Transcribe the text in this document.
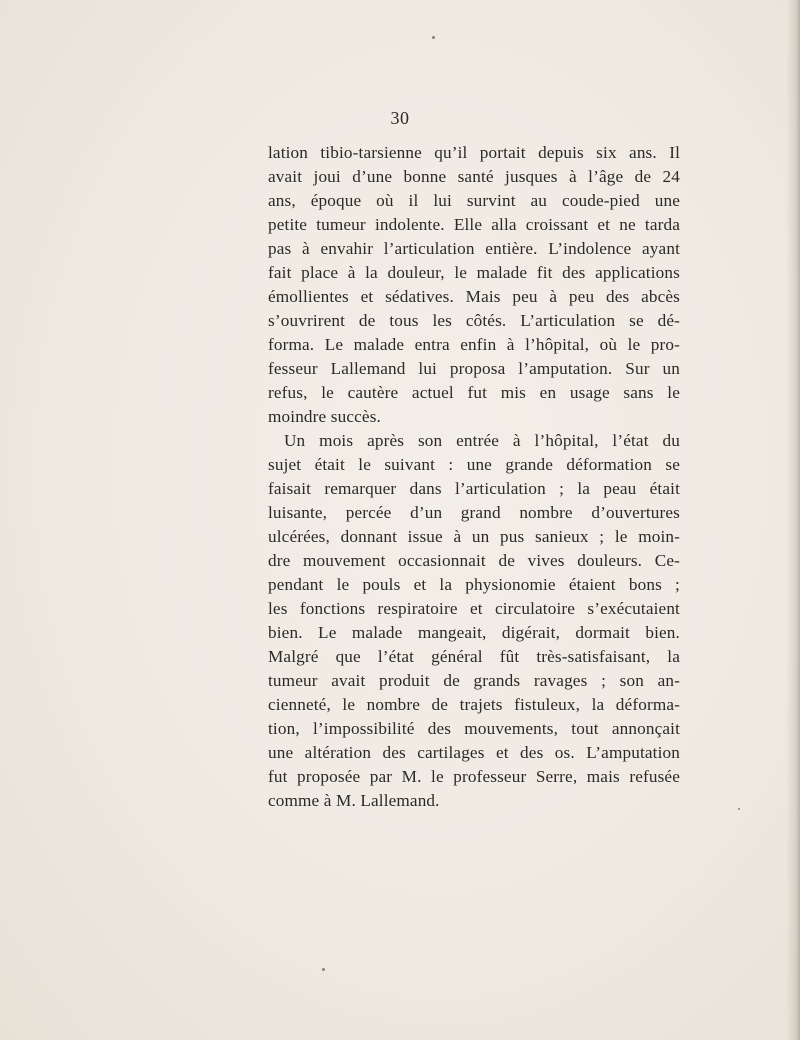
30
lation tibio-tarsienne qu’il portait depuis six ans. Il
avait joui d’une bonne santé jusques à l’âge de 24
ans, époque où il lui survint au coude-pied une
petite tumeur indolente. Elle alla croissant et ne tarda
pas à envahir l’articulation entière. L’indolence ayant
fait place à la douleur, le malade fit des applications
émollientes et sédatives. Mais peu à peu des abcès
s’ouvrirent de tous les côtés. L’articulation se dé-
forma. Le malade entra enfin à l’hôpital, où le pro-
fesseur Lallemand lui proposa l’amputation. Sur un
refus, le cautère actuel fut mis en usage sans le
moindre succès.
Un mois après son entrée à l’hôpital, l’état du
sujet était le suivant : une grande déformation se
faisait remarquer dans l’articulation ; la peau était
luisante, percée d’un grand nombre d’ouvertures
ulcérées, donnant issue à un pus sanieux ; le moin-
dre mouvement occasionnait de vives douleurs. Ce-
pendant le pouls et la physionomie étaient bons ;
les fonctions respiratoire et circulatoire s’exécutaient
bien. Le malade mangeait, digérait, dormait bien.
Malgré que l’état général fût très-satisfaisant, la
tumeur avait produit de grands ravages ; son an-
cienneté, le nombre de trajets fistuleux, la déforma-
tion, l’impossibilité des mouvements, tout annonçait
une altération des cartilages et des os. L’amputation
fut proposée par M. le professeur Serre, mais refusée
comme à M. Lallemand.
